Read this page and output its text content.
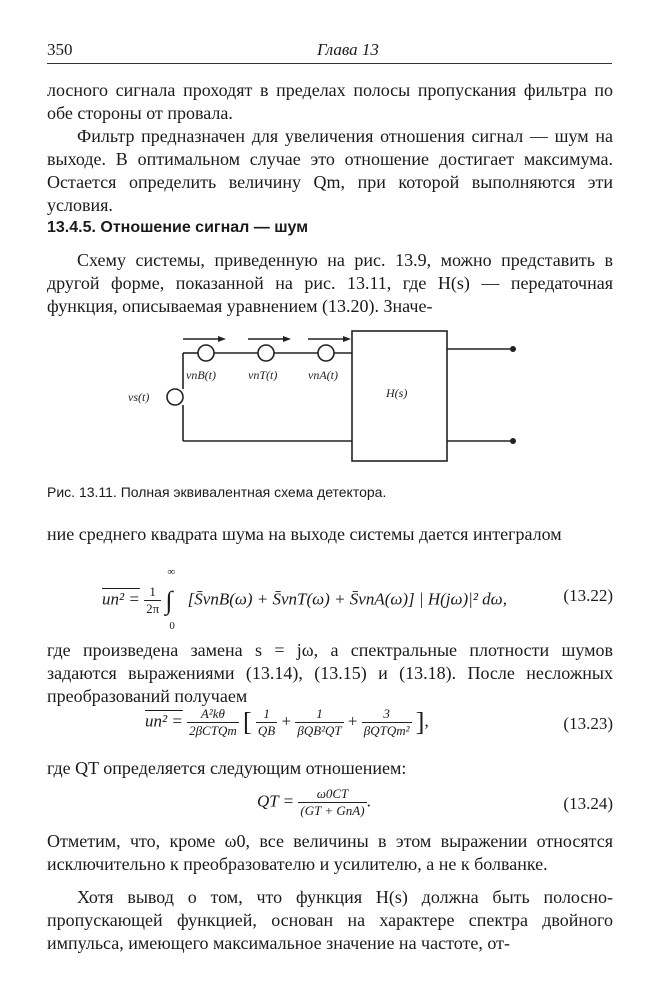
350	Глава 13

лосного сигнала проходят в пределах полосы пропускания фильтра по обе стороны от провала.

Фильтр предназначен для увеличения отношения сигнал — шум на выходе. В оптимальном случае это отношение достигает максимума. Остается определить величину Qm, при которой выполняются эти условия.

13.4.5. Отношение сигнал — шум

Схему системы, приведенную на рис. 13.9, можно представить в другой форме, показанной на рис. 13.11, где H(s) — передаточная функция, описываемая уравнением (13.20). Значе-

vnB(t)	vnT(t)	vnA(t)
vs(t)	H(s)

Рис. 13.11. Полная эквивалентная схема детектора.

ние среднего квадрата шума на выходе системы дается интегралом

$un^2 = \frac{1}{2\pi}$

∞
∫
0
[S̄vnB(ω) + S̄vnT(ω) + S̄vnA(ω)] | H(jω)|² dω,	(13.22)

где произведена замена s = jω, а спектральные плотности шумов задаются выражениями (13.14), (13.15) и (13.18). После несложных преобразований получаем

$un^2 = \frac{\text{A²kθ}}{\text{2βCTQm}}$ [ $\frac{1}{QB} + \frac{1}{\text{βQB²QT}} + \frac{3}{\text{βQTQm²}}$ ],	(13.23)

где QT определяется следующим отношением:

QT = $\frac{\omega 0CT}{\text{(GT + GnA)}}$ .	(13.24)

Отметим, что, кроме ω0, все величины в этом выражении относятся исключительно к преобразователю и усилителю, а не к болванке.

Хотя вывод о том, что функция H(s) должна быть полосно-пропускающей функцией, основан на характере спектра двойного импульса, имеющего максимальное значение на частоте, от-
